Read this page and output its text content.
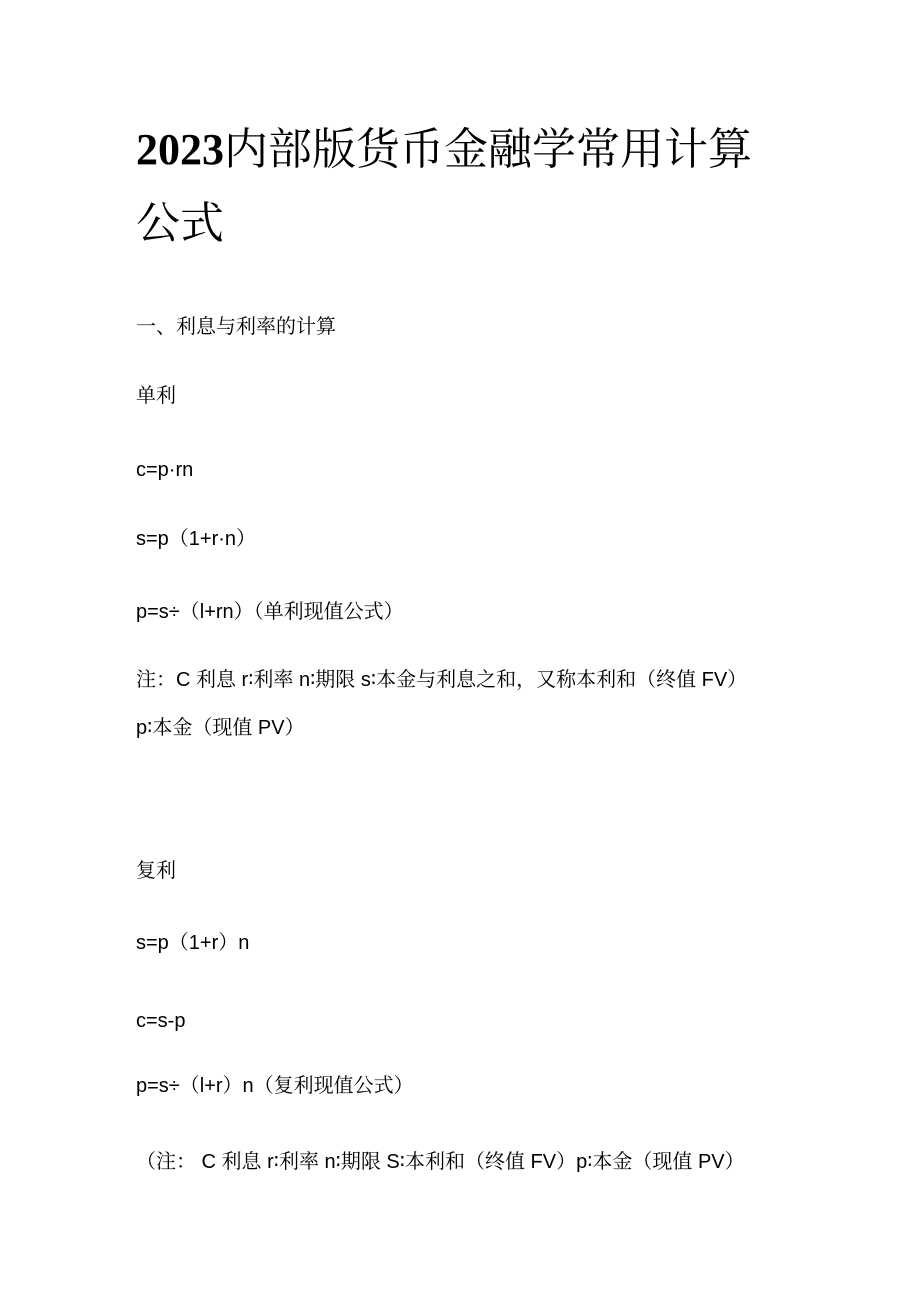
2023内部版货币金融学常用计算
公式

一、利息与利率的计算

单利

c=p·rn

s=p（1+r·n）

p=s÷（l+rn）（单利现值公式）

注：C 利息 r∶利率 n∶期限 s∶本金与利息之和，又称本利和（终值 FV）

p∶本金（现值 PV）

复利

s=p（1+r）n

c=s-p

p=s÷（l+r）n（复利现值公式）

（注： C 利息 r∶利率 n∶期限 S∶本利和（终值 FV）p∶本金（现值 PV）
